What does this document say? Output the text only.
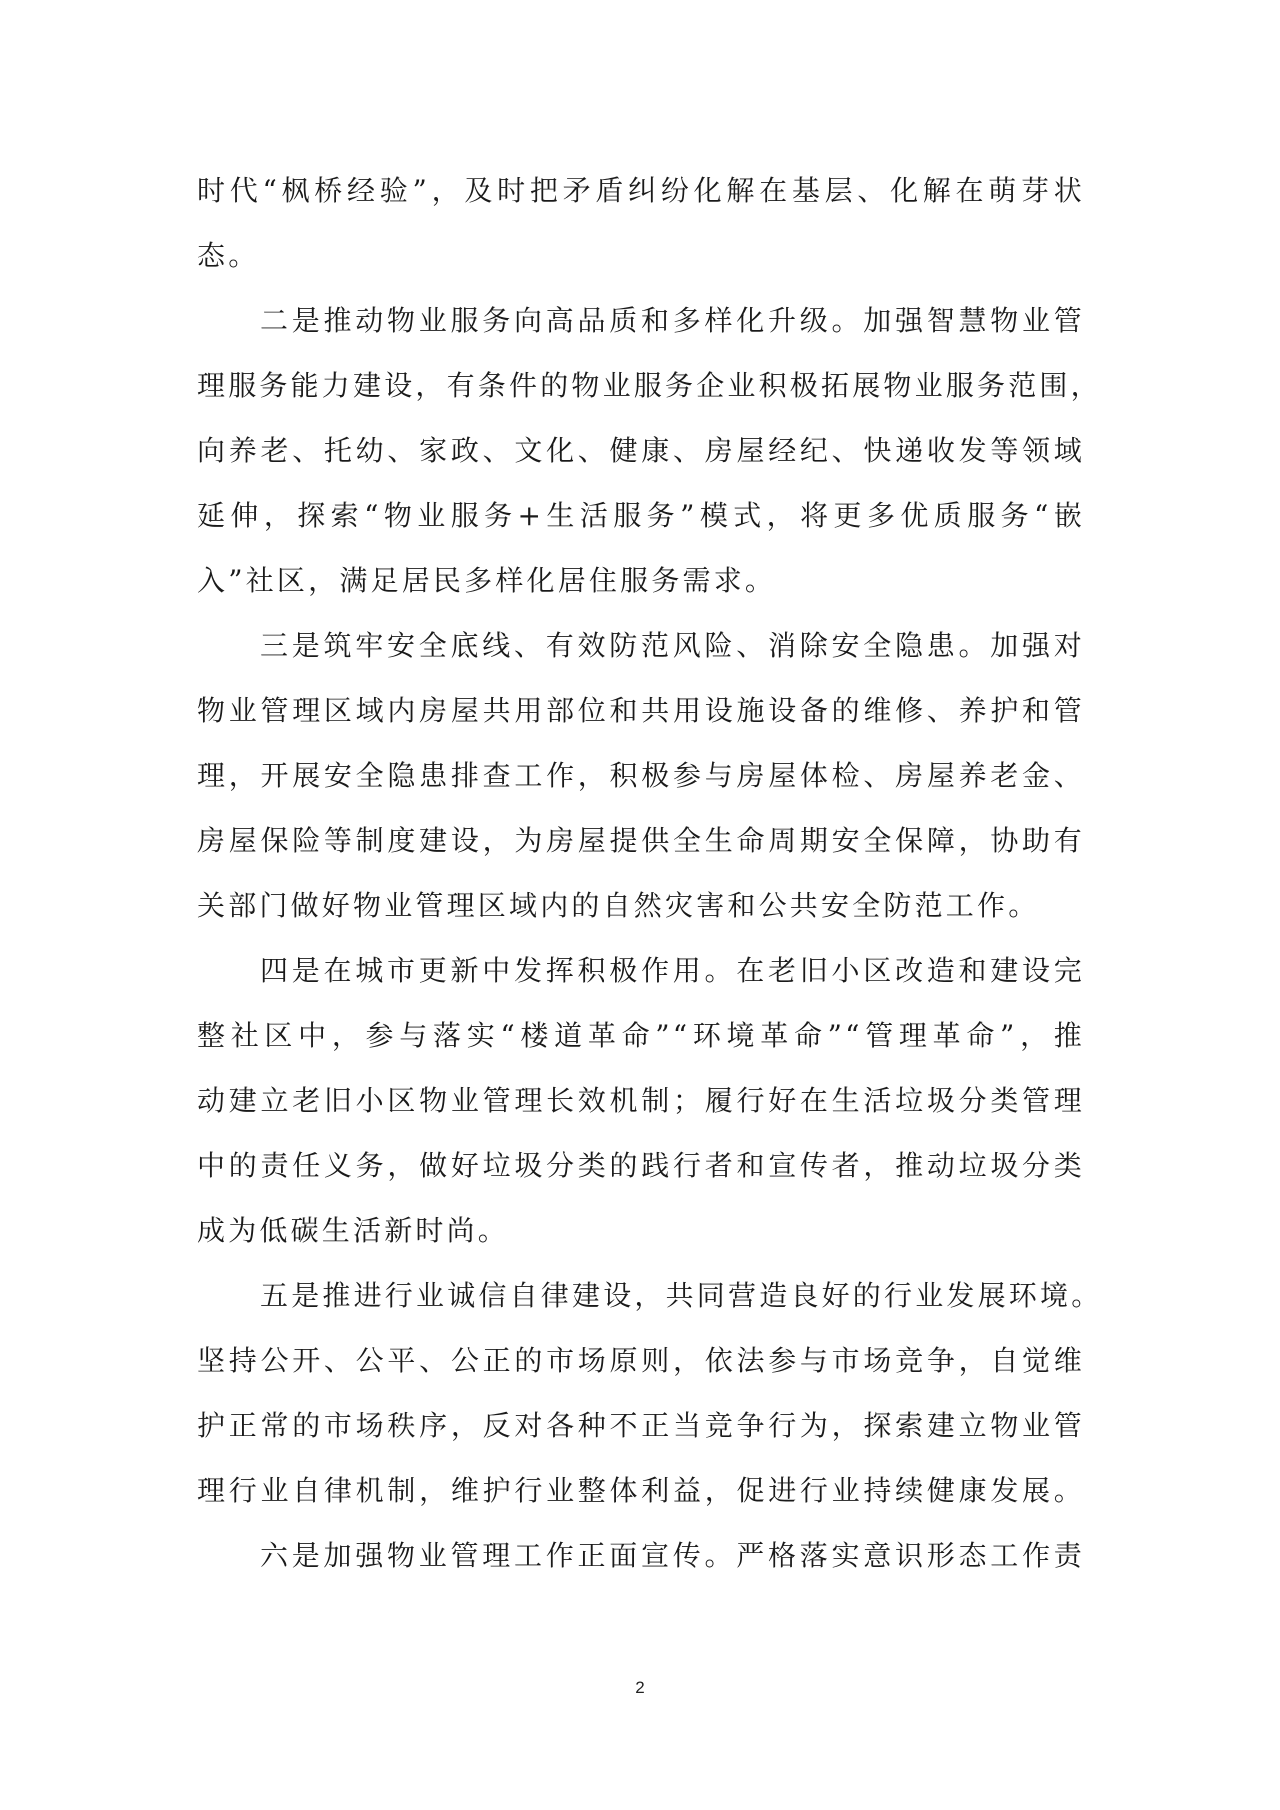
时代“枫桥经验”，及时把矛盾纠纷化解在基层、化解在萌芽状
态。
二是推动物业服务向高品质和多样化升级。加强智慧物业管
理服务能力建设，有条件的物业服务企业积极拓展物业服务范围，
向养老、托幼、家政、文化、健康、房屋经纪、快递收发等领域
延伸，探索“物业服务+生活服务”模式，将更多优质服务“嵌
入”社区，满足居民多样化居住服务需求。
三是筑牢安全底线、有效防范风险、消除安全隐患。加强对
物业管理区域内房屋共用部位和共用设施设备的维修、养护和管
理，开展安全隐患排查工作，积极参与房屋体检、房屋养老金、
房屋保险等制度建设，为房屋提供全生命周期安全保障，协助有
关部门做好物业管理区域内的自然灾害和公共安全防范工作。
四是在城市更新中发挥积极作用。在老旧小区改造和建设完
整社区中，参与落实“楼道革命”“环境革命”“管理革命”，推
动建立老旧小区物业管理长效机制；履行好在生活垃圾分类管理
中的责任义务，做好垃圾分类的践行者和宣传者，推动垃圾分类
成为低碳生活新时尚。
五是推进行业诚信自律建设，共同营造良好的行业发展环境。
坚持公开、公平、公正的市场原则，依法参与市场竞争，自觉维
护正常的市场秩序，反对各种不正当竞争行为，探索建立物业管
理行业自律机制，维护行业整体利益，促进行业持续健康发展。
六是加强物业管理工作正面宣传。严格落实意识形态工作责
2
